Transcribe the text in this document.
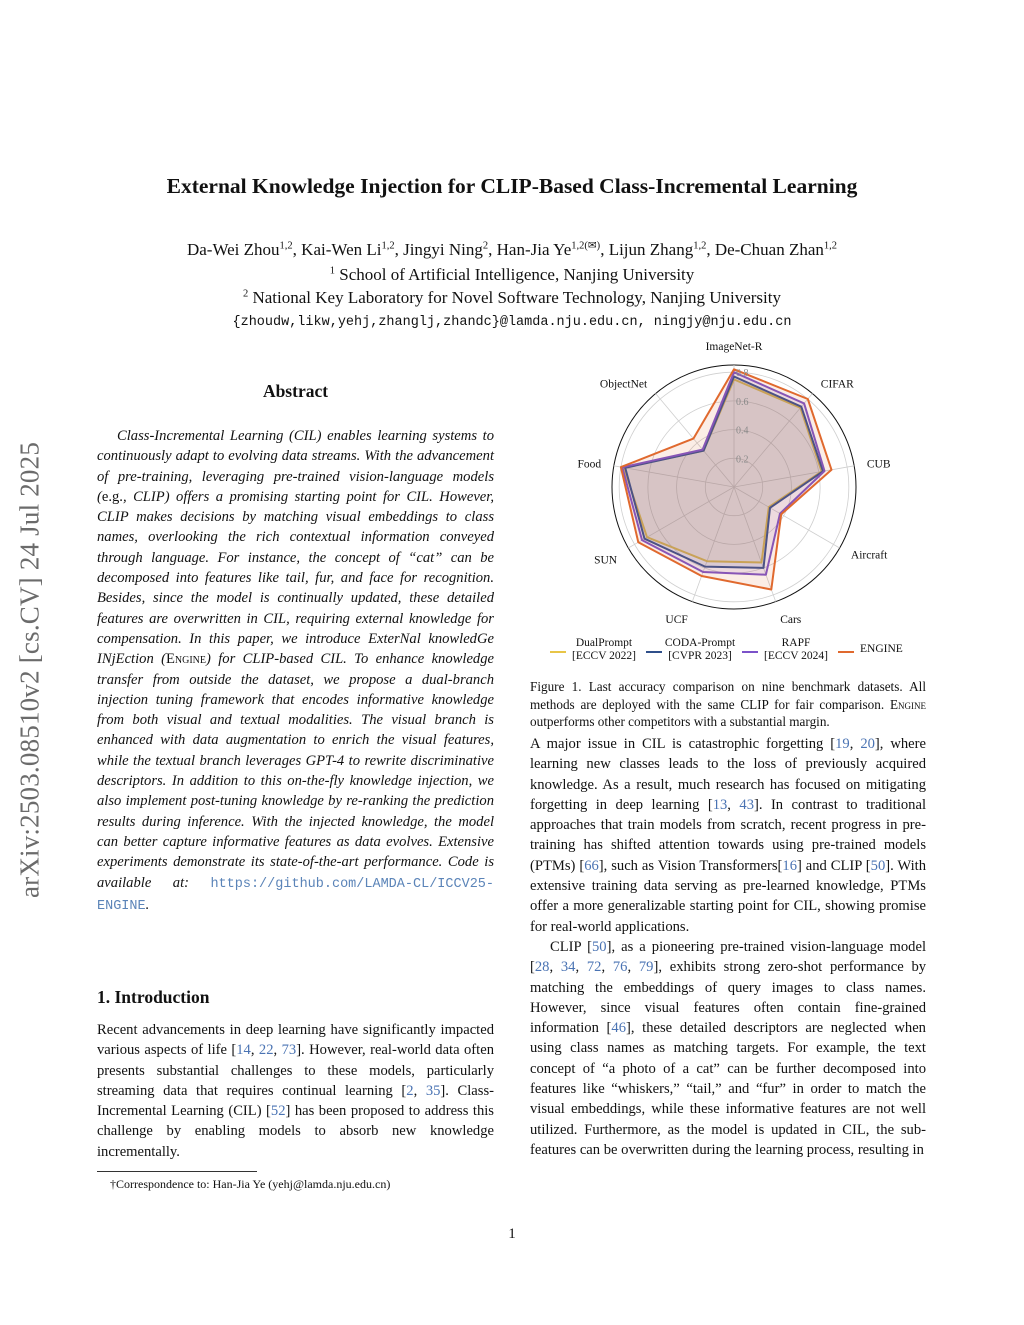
arXiv:2503.08510v2 [cs.CV] 24 Jul 2025
External Knowledge Injection for CLIP-Based Class-Incremental Learning
Da-Wei Zhou$^{1,2}$, Kai-Wen Li$^{1,2}$, Jingyi Ning$^2$, Han-Jia $Ye^{1,2(✉)}$, Lijun Zhang$^{1,2}$, De-Chuan Zhan$^{1,2}$
$^1$ School of Artificial Intelligence, Nanjing University
$^2$ National Key Laboratory for Novel Software Technology, Nanjing University
{zhoudw,likw,yehj,zhanglj,zhandc}@lamda.nju.edu.cn, ningjy@nju.edu.cn
Abstract
Class-Incremental Learning (CIL) enables learning systems to continuously adapt to evolving data streams. With the advancement of pre-training, leveraging pre-trained vision-language models (e.g., CLIP) offers a promising starting point for CIL. However, CLIP makes decisions by matching visual embeddings to class names, overlooking the rich contextual information conveyed through language. For instance, the concept of “cat” can be decomposed into features like tail, fur, and face for recognition. Besides, since the model is continually updated, these detailed features are overwritten in CIL, requiring external knowledge for compensation. In this paper, we introduce ExterNal knowledGe INjEction (Engine) for CLIP-based CIL. To enhance knowledge transfer from outside the dataset, we propose a dual-branch injection tuning framework that encodes informative knowledge from both visual and textual modalities. The visual branch is enhanced with data augmentation to enrich the visual features, while the textual branch leverages GPT-4 to rewrite discriminative descriptors. In addition to this on-the-fly knowledge injection, we also implement post-tuning knowledge by re-ranking the prediction results during inference. With the injected knowledge, the model can better capture informative features as data evolves. Extensive experiments demonstrate its state-of-the-art performance. Code is available at: https://github.com/LAMDA-CL/ICCV25-ENGINE.
1. Introduction
Recent advancements in deep learning have significantly impacted various aspects of life [14, 22, 73]. However, real-world data often presents substantial challenges to these models, particularly streaming data that requires continual learning [2, 35]. Class-Incremental Learning (CIL) [52] has been proposed to address this challenge by enabling models to absorb new knowledge incrementally.
†Correspondence to: Han-Jia Ye (yehj@lamda.nju.edu.cn)
1
ImageNet-R
CIFAR
CUB
Aircraft
Cars
UCF
SUN
Food
ObjectNet
0.2
0.4
0.6
0.8
DualPrompt
[ECCV 2022]
CODA-Prompt
[CVPR 2023]
RAPF
[ECCV 2024]
ENGINE
Figure 1. Last accuracy comparison on nine benchmark datasets. All methods are deployed with the same CLIP for fair comparison. Engine outperforms other competitors with a substantial margin.

A major issue in CIL is catastrophic forgetting [19, 20], where learning new classes leads to the loss of previously acquired knowledge. As a result, much research has focused on mitigating forgetting in deep learning [13, 43]. In contrast to traditional approaches that train models from scratch, recent progress in pre-training has shifted attention towards using pre-trained models (PTMs) [66], such as Vision Transformers[16] and CLIP [50]. With extensive training data serving as pre-learned knowledge, PTMs offer a more generalizable starting point for CIL, showing promise for real-world applications.

CLIP [50], as a pioneering pre-trained vision-language model [28, 34, 72, 76, 79], exhibits strong zero-shot performance by matching the embeddings of query images to class names. However, since visual features often contain fine-grained information [46], these detailed descriptors are neglected when using class names as matching targets. For example, the text concept of “a photo of a cat” can be further decomposed into features like “whiskers,” “tail,” and “fur” in order to match the visual embeddings, while these informative features are not well utilized. Furthermore, as the model is updated in CIL, the sub-features can be overwritten during the learning process, resulting in
